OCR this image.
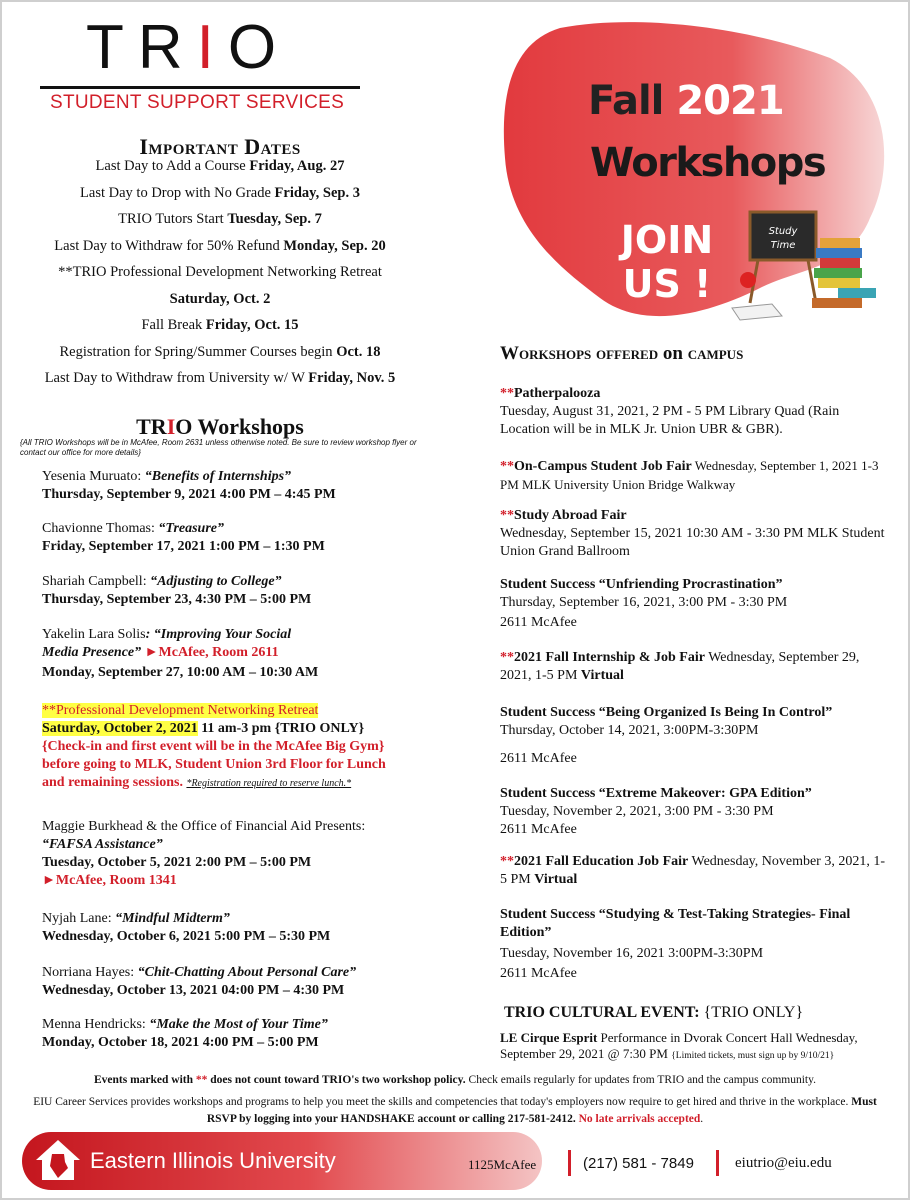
TRIO
STUDENT SUPPORT SERVICES
Important Dates
Last Day to Add a Course Friday, Aug. 27
Last Day to Drop with No Grade Friday, Sep. 3
TRIO Tutors Start Tuesday, Sep. 7
Last Day to Withdraw for 50% Refund Monday, Sep. 20
**TRIO Professional Development Networking Retreat
Saturday, Oct. 2
Fall Break Friday, Oct. 15
Registration for Spring/Summer Courses begin Oct. 18
Last Day to Withdraw from University w/ W Friday, Nov. 5
TRIO Workshops
{All TRIO Workshops will be in McAfee, Room 2631 unless otherwise noted. Be sure to review workshop flyer or contact our office for more details}
Yesenia Muruato: “Benefits of Internships”
Thursday, September 9, 2021 4:00 PM – 4:45 PM
Chavionne Thomas: “Treasure”
Friday, September 17, 2021 1:00 PM – 1:30 PM
Shariah Campbell: “Adjusting to College”
Thursday, September 23, 4:30 PM – 5:00 PM
Yakelin Lara Solis: “Improving Your Social
Media Presence” ►McAfee, Room 2611
Monday, September 27, 10:00 AM – 10:30 AM
**Professional Development Networking Retreat
Saturday, October 2, 2021 11 am-3 pm {TRIO ONLY}
{Check-in and first event will be in the McAfee Big Gym}
before going to MLK, Student Union 3rd Floor for Lunch
and remaining sessions. *Registration required to reserve lunch.*
Maggie Burkhead & the Office of Financial Aid Presents:
“FAFSA Assistance”
Tuesday, October 5, 2021 2:00 PM – 5:00 PM
►McAfee, Room 1341
Nyjah Lane: “Mindful Midterm”
Wednesday, October 6, 2021 5:00 PM – 5:30 PM
Norriana Hayes: “Chit-Chatting About Personal Care”
Wednesday, October 13, 2021 04:00 PM – 4:30 PM
Menna Hendricks: “Make the Most of Your Time”
Monday, October 18, 2021 4:00 PM – 5:00 PM
Fall 2021
Workshops
JOIN
US !
Study
Time
Workshops offered on campus
**Patherpalooza
Tuesday, August 31, 2021, 2 PM - 5 PM Library Quad (Rain Location will be in MLK Jr. Union UBR & GBR).
**On-Campus Student Job Fair Wednesday, September 1, 2021 1-3 PM MLK University Union Bridge Walkway
**Study Abroad Fair
Wednesday, September 15, 2021 10:30 AM - 3:30 PM MLK Student Union Grand Ballroom
Student Success “Unfriending Procrastination”
Thursday, September 16, 2021, 3:00 PM - 3:30 PM
2611 McAfee
**2021 Fall Internship & Job Fair Wednesday, September 29, 2021, 1-5 PM Virtual
Student Success “Being Organized Is Being In Control”
Thursday, October 14, 2021, 3:00PM-3:30PM
2611 McAfee
Student Success “Extreme Makeover: GPA Edition”
Tuesday, November 2, 2021, 3:00 PM - 3:30 PM
2611 McAfee
**2021 Fall Education Job Fair Wednesday, November 3, 2021, 1-5 PM Virtual
Student Success “Studying & Test-Taking Strategies- Final Edition”
Tuesday, November 16, 2021 3:00PM-3:30PM
2611 McAfee
TRIO CULTURAL EVENT: {TRIO ONLY}
LE Cirque Esprit Performance in Dvorak Concert Hall Wednesday, September 29, 2021 @ 7:30 PM {Limited tickets, must sign up by 9/10/21}
Events marked with ** does not count toward TRIO's two workshop policy. Check emails regularly for updates from TRIO and the campus community.
EIU Career Services provides workshops and programs to help you meet the skills and competencies that today's employers now require to get hired and thrive in the workplace. Must RSVP by logging into your HANDSHAKE account or calling 217-581-2412. No late arrivals accepted.
Eastern Illinois University	1125McAfee	(217) 581 - 7849	eiutrio@eiu.edu
